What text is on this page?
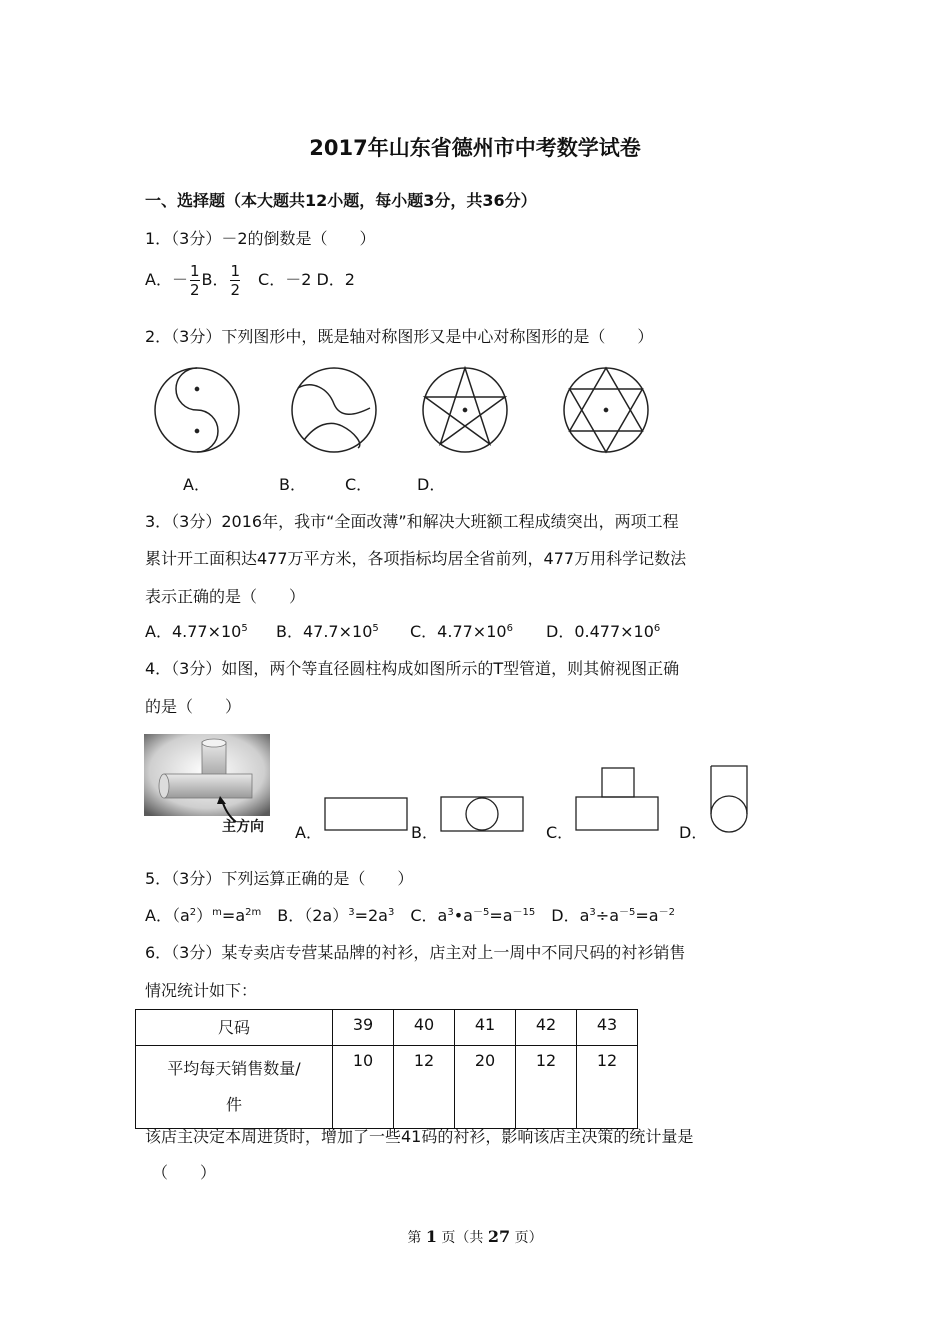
2017年山东省德州市中考数学试卷
一、选择题（本大题共12小题，每小题3分，共36分）
1．（3分）－2的倒数是（　　）
A．－ $\frac{1}{2}$ B． $\frac{1}{2}$ 　C．－2 D．2
2．（3分）下列图形中，既是轴对称图形又是中心对称图形的是（　　）
A．	B． C．	D．
3．（3分）2016年，我市“全面改薄”和解决大班额工程成绩突出，两项工程
累计开工面积达477万平方米，各项指标均居全省前列，477万用科学记数法
表示正确的是（　　）
A．$4.77\times 10^5$ B．$47.7\times 10^5$ C．$4.77\times 10^6$ D．$0.477\times 10^6$
4．（3分）如图，两个等直径圆柱构成如图所示的T型管道，则其俯视图正确
的是（　　）
主方向 A．	B．	C．	D．
5．（3分）下列运算正确的是（　　）
A．$(a^2)^m=a^{2m}$　B．$(2a)^3=2a^3$　C．$a^3•a^{-5}=a^{-15}$　D．$a^3\div a^{-5}=a^{-2}$
6．（3分）某专卖店专营某品牌的衬衫，店主对上一周中不同尺码的衬衫销售
情况统计如下：
尺码	39	40	41	42	43
平均每天销售数量/
件	10	12	20	12	12
该店主决定本周进货时，增加了一些41码的衬衫，影响该店主决策的统计量是
（　　）
第 1 页（共 27 页）
